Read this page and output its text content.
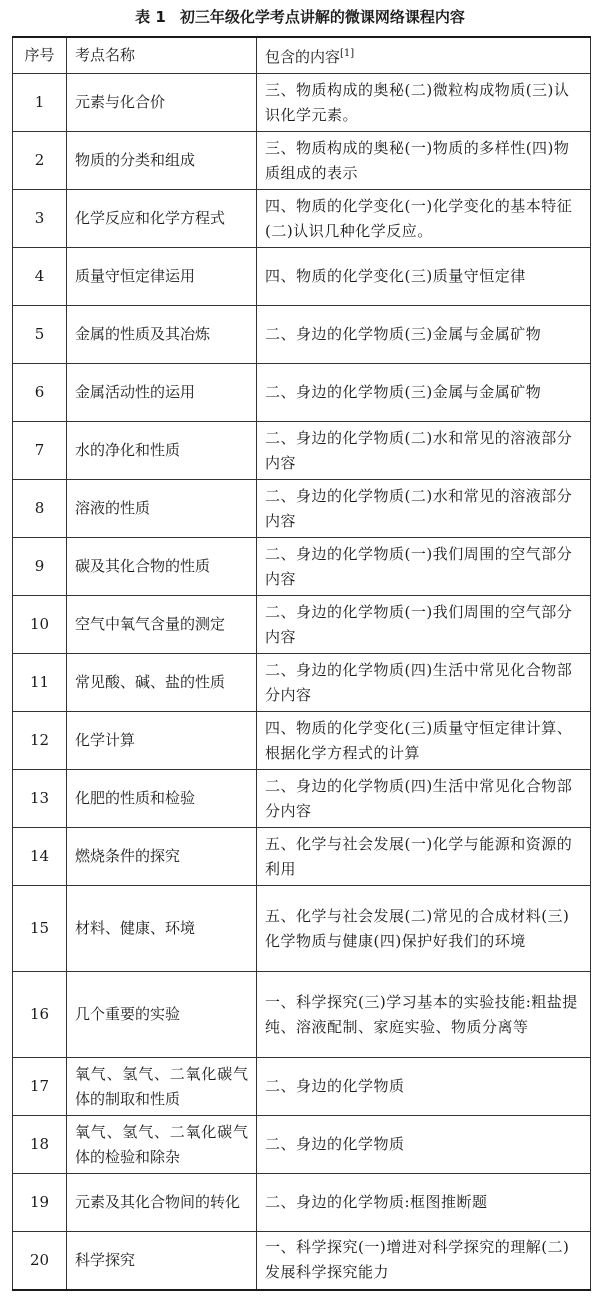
表 1 初三年级化学考点讲解的微课网络课程内容
序号	考点名称	包含的内容[1]
1	元素与化合价	三、物质构成的奥秘(二)微粒构成物质(三)认识化学元素。
2	物质的分类和组成	三、物质构成的奥秘(一)物质的多样性(四)物质组成的表示
3	化学反应和化学方程式	四、物质的化学变化(一)化学变化的基本特征(二)认识几种化学反应。
4	质量守恒定律运用	四、物质的化学变化(三)质量守恒定律
5	金属的性质及其冶炼	二、身边的化学物质(三)金属与金属矿物
6	金属活动性的运用	二、身边的化学物质(三)金属与金属矿物
7	水的净化和性质	二、身边的化学物质(二)水和常见的溶液部分内容
8	溶液的性质	二、身边的化学物质(二)水和常见的溶液部分内容
9	碳及其化合物的性质	二、身边的化学物质(一)我们周围的空气部分内容
10	空气中氧气含量的测定	二、身边的化学物质(一)我们周围的空气部分内容
11	常见酸、碱、盐的性质	二、身边的化学物质(四)生活中常见化合物部分内容
12	化学计算	四、物质的化学变化(三)质量守恒定律计算、根据化学方程式的计算
13	化肥的性质和检验	二、身边的化学物质(四)生活中常见化合物部分内容
14	燃烧条件的探究	五、化学与社会发展(一)化学与能源和资源的利用
15	材料、健康、环境	五、化学与社会发展(二)常见的合成材料(三)化学物质与健康(四)保护好我们的环境
16	几个重要的实验	一、科学探究(三)学习基本的实验技能:粗盐提纯、溶液配制、家庭实验、物质分离等
17	氧气、氢气、二氧化碳气体的制取和性质	二、身边的化学物质
18	氧气、氢气、二氧化碳气体的检验和除杂	二、身边的化学物质
19	元素及其化合物间的转化	二、身边的化学物质:框图推断题
20	科学探究	一、科学探究(一)增进对科学探究的理解(二)发展科学探究能力
